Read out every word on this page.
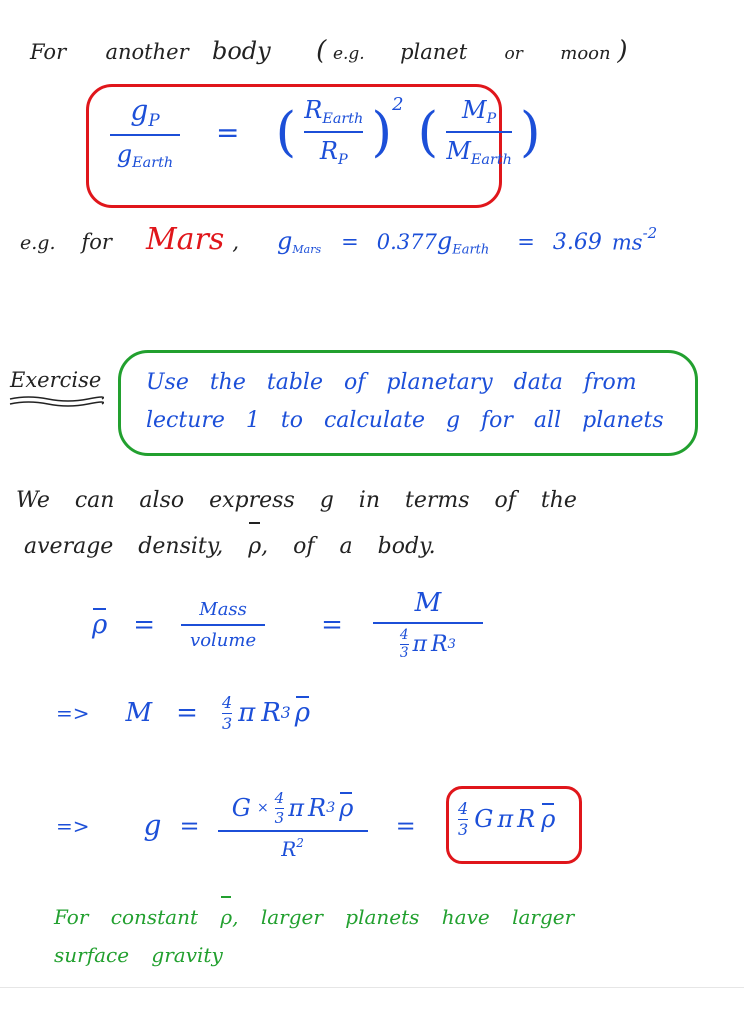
For another body ( e.g. planet or moon )
$\frac{g_P}{g_{Earth}}$ = ( $\frac{R_{Earth}}{R_P}$ ) 2 ( $\frac{M_P}{M_{Earth}}$ )
e.g. for Mars , $g_{Mars} = 0.377$ $g_{Earth} = 3.69$ $ms^{-2}$
Exercise Use the table of planetary data from
lecture 1 to calculate g for all planets
We can also express g in terms of the
average density, ρ, of a body.
$\rho = \frac{\text{Mass}}{\text{volume}} = \frac{M}{\frac{4}{3} \pi R 3}$
=> $M = \frac{4}{3}$ π R 3 ρ
=> $g = \frac{G \times \frac{4}{3} \pi R 3 \rho}{R^2}$ =	$\frac{4}{3}$ G π R ρ
For constant ρ, larger planets have larger
surface gravity
